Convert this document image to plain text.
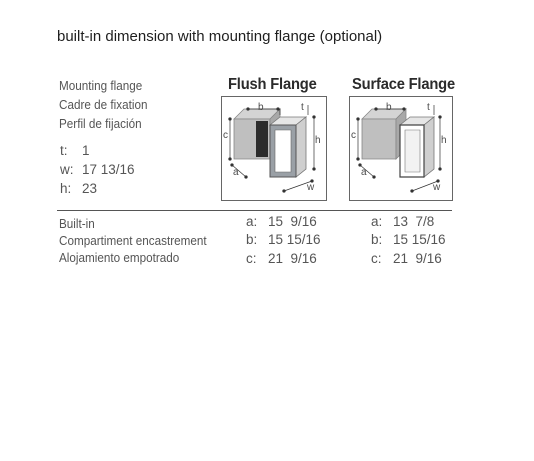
built-in dimension with mounting flange (optional)
Mounting flange
Cadre de fixation
Perfil de fijación
t: 1
w: 17 13/16
h: 23
Flush Flange Surface Flange
b	t
c	h
a
w
b	t
c	h
a
w
Built-in
Compartiment encastrement
Alojamiento empotrado
a: 15  9/16
b: 15 15/16
c: 21  9/16
a: 13  7/8
b: 15 15/16
c: 21  9/16
